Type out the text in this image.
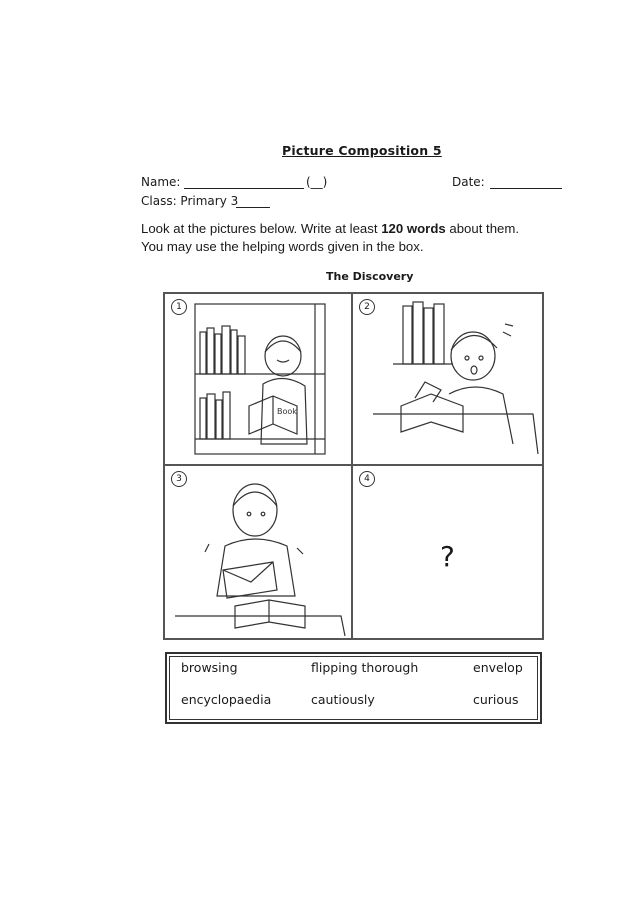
Picture Composition 5
Name:	(__)	Date:
Class: Primary 3
Look at the pictures below. Write at least 120 words about them.
You may use the helping words given in the box.
The Discovery
Book
1	2
3	4
?
browsing	flipping thorough	envelop
encyclopaedia	cautiously	curious
